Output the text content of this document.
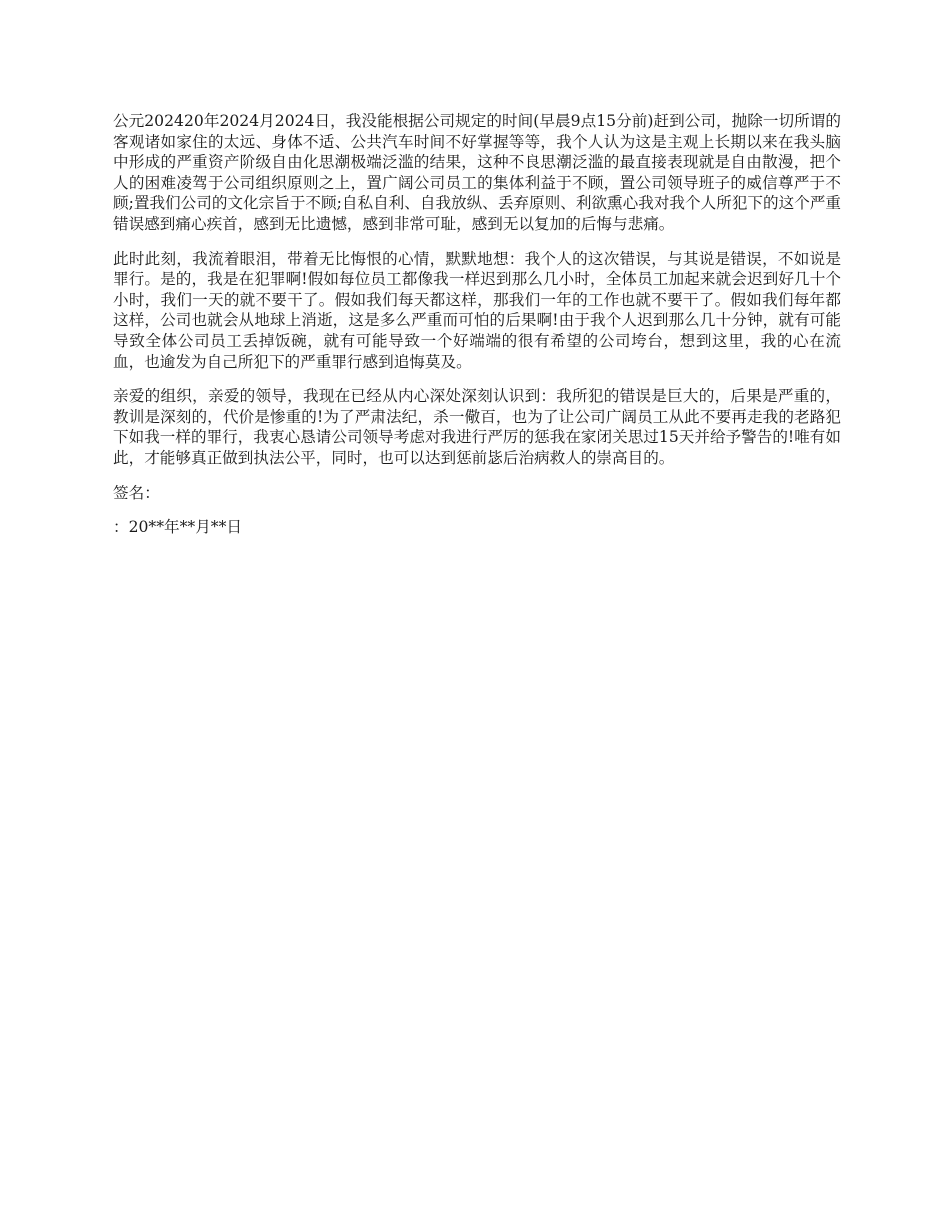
公元202420年2024月2024日，我没能根据公司规定的时间(早晨9点15分前)赶到公司，抛除一切所谓的客观诸如家住的太远、身体不适、公共汽车时间不好掌握等等，我个人认为这是主观上长期以来在我头脑中形成的严重资产阶级自由化思潮极端泛滥的结果，这种不良思潮泛滥的最直接表现就是自由散漫，把个人的困难凌驾于公司组织原则之上，置广阔公司员工的集体利益于不顾，置公司领导班子的威信尊严于不顾;置我们公司的文化宗旨于不顾;自私自利、自我放纵、丢弃原则、利欲熏心我对我个人所犯下的这个严重错误感到痛心疾首，感到无比遗憾，感到非常可耻，感到无以复加的后悔与悲痛。

此时此刻，我流着眼泪，带着无比悔恨的心情，默默地想：我个人的这次错误，与其说是错误，不如说是罪行。是的，我是在犯罪啊!假如每位员工都像我一样迟到那么几小时，全体员工加起来就会迟到好几十个小时，我们一天的就不要干了。假如我们每天都这样，那我们一年的工作也就不要干了。假如我们每年都这样，公司也就会从地球上消逝，这是多么严重而可怕的后果啊!由于我个人迟到那么几十分钟，就有可能导致全体公司员工丢掉饭碗，就有可能导致一个好端端的很有希望的公司垮台，想到这里，我的心在流血，也逾发为自己所犯下的严重罪行感到追悔莫及。

亲爱的组织，亲爱的领导，我现在已经从内心深处深刻认识到：我所犯的错误是巨大的，后果是严重的，教训是深刻的，代价是惨重的!为了严肃法纪，杀一儆百，也为了让公司广阔员工从此不要再走我的老路犯下如我一样的罪行，我衷心恳请公司领导考虑对我进行严厉的惩我在家闭关思过15天并给予警告的!唯有如此，才能够真正做到执法公平，同时，也可以达到惩前毖后治病救人的崇高目的。

签名：

：20**年**月**日
